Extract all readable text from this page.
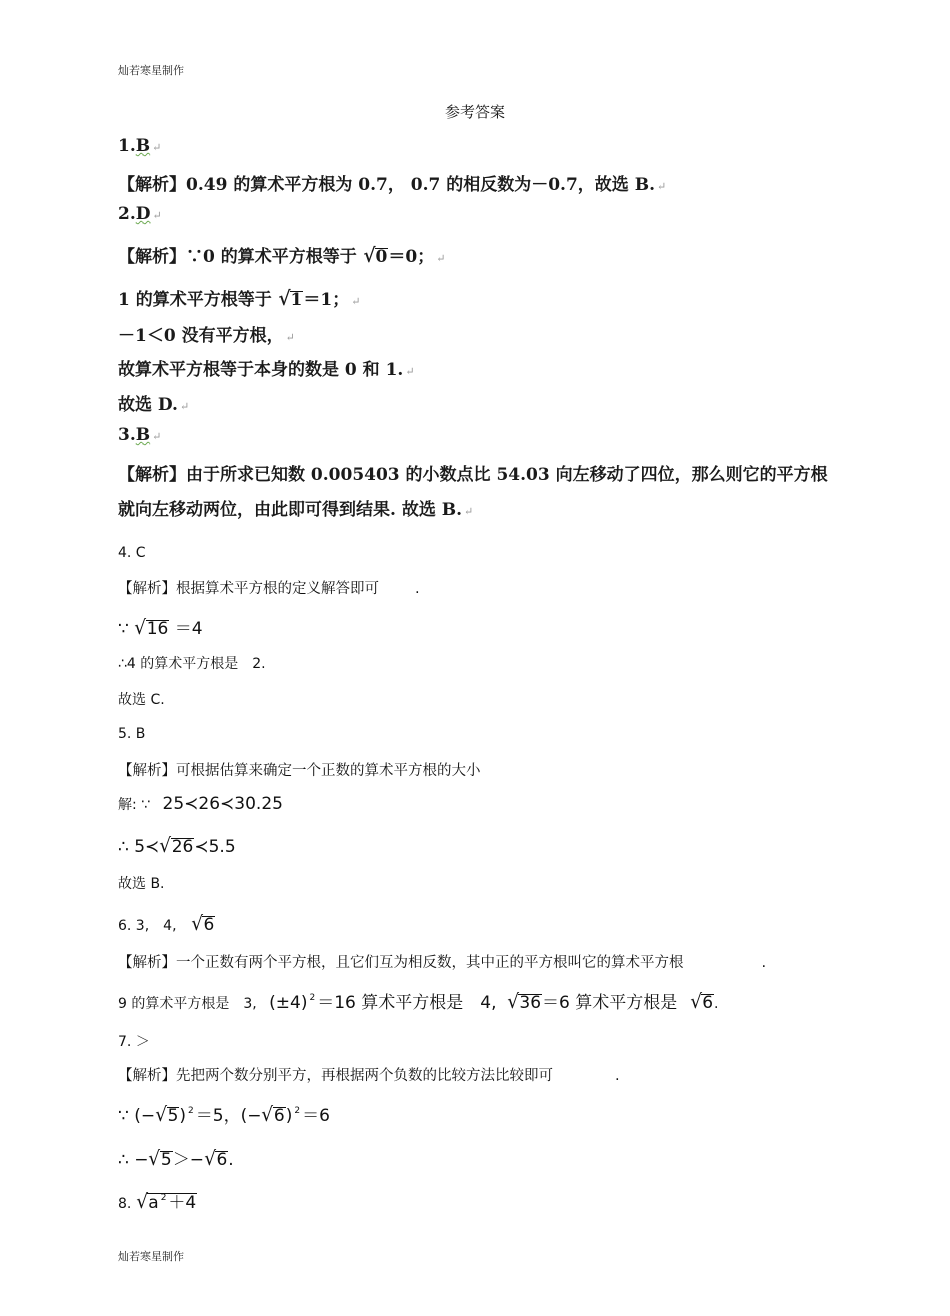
灿若寒星制作
参考答案
1.B ↵
【解析】0.49 的算术平方根为 0.7， 0.7 的相反数为－0.7，故选 B. ↵
2.D ↵
【解析】∵0 的算术平方根等于 √0＝0； ↵
1 的算术平方根等于 √1＝1； ↵
－1＜0 没有平方根， ↵
故算术平方根等于本身的数是 0 和 1. ↵
故选 D. ↵
3.B ↵
【解析】由于所求已知数 0.005403 的小数点比 54.03 向左移动了四位，那么则它的平方根
就向左移动两位，由此即可得到结果. 故选 B. ↵
4. C
【解析】根据算术平方根的定义解答即可 .
∵ √16 ＝4
∴4 的算术平方根是　2.
故选 C.
5. B
【解析】可根据估算来确定一个正数的算术平方根的大小
解: ∵ 25≺26≺30.25
∴ 5≺√26≺5.5
故选 B.
6. 3,　4, √6
【解析】一个正数有两个平方根，且它们互为相反数，其中正的平方根叫它的算术平方根	.
9 的算术平方根是　3, (±4) $^2$ ＝16 算术平方根是　4, √36＝6 算术平方根是 √6.
7. ＞
【解析】先把两个数分别平方，再根据两个负数的比较方法比较即可	.
∵ (−√5) $^2$ ＝5，(−√6) $^2$ ＝6
∴ −√5＞−√6.
8. √a $^2$ ＋4
灿若寒星制作
